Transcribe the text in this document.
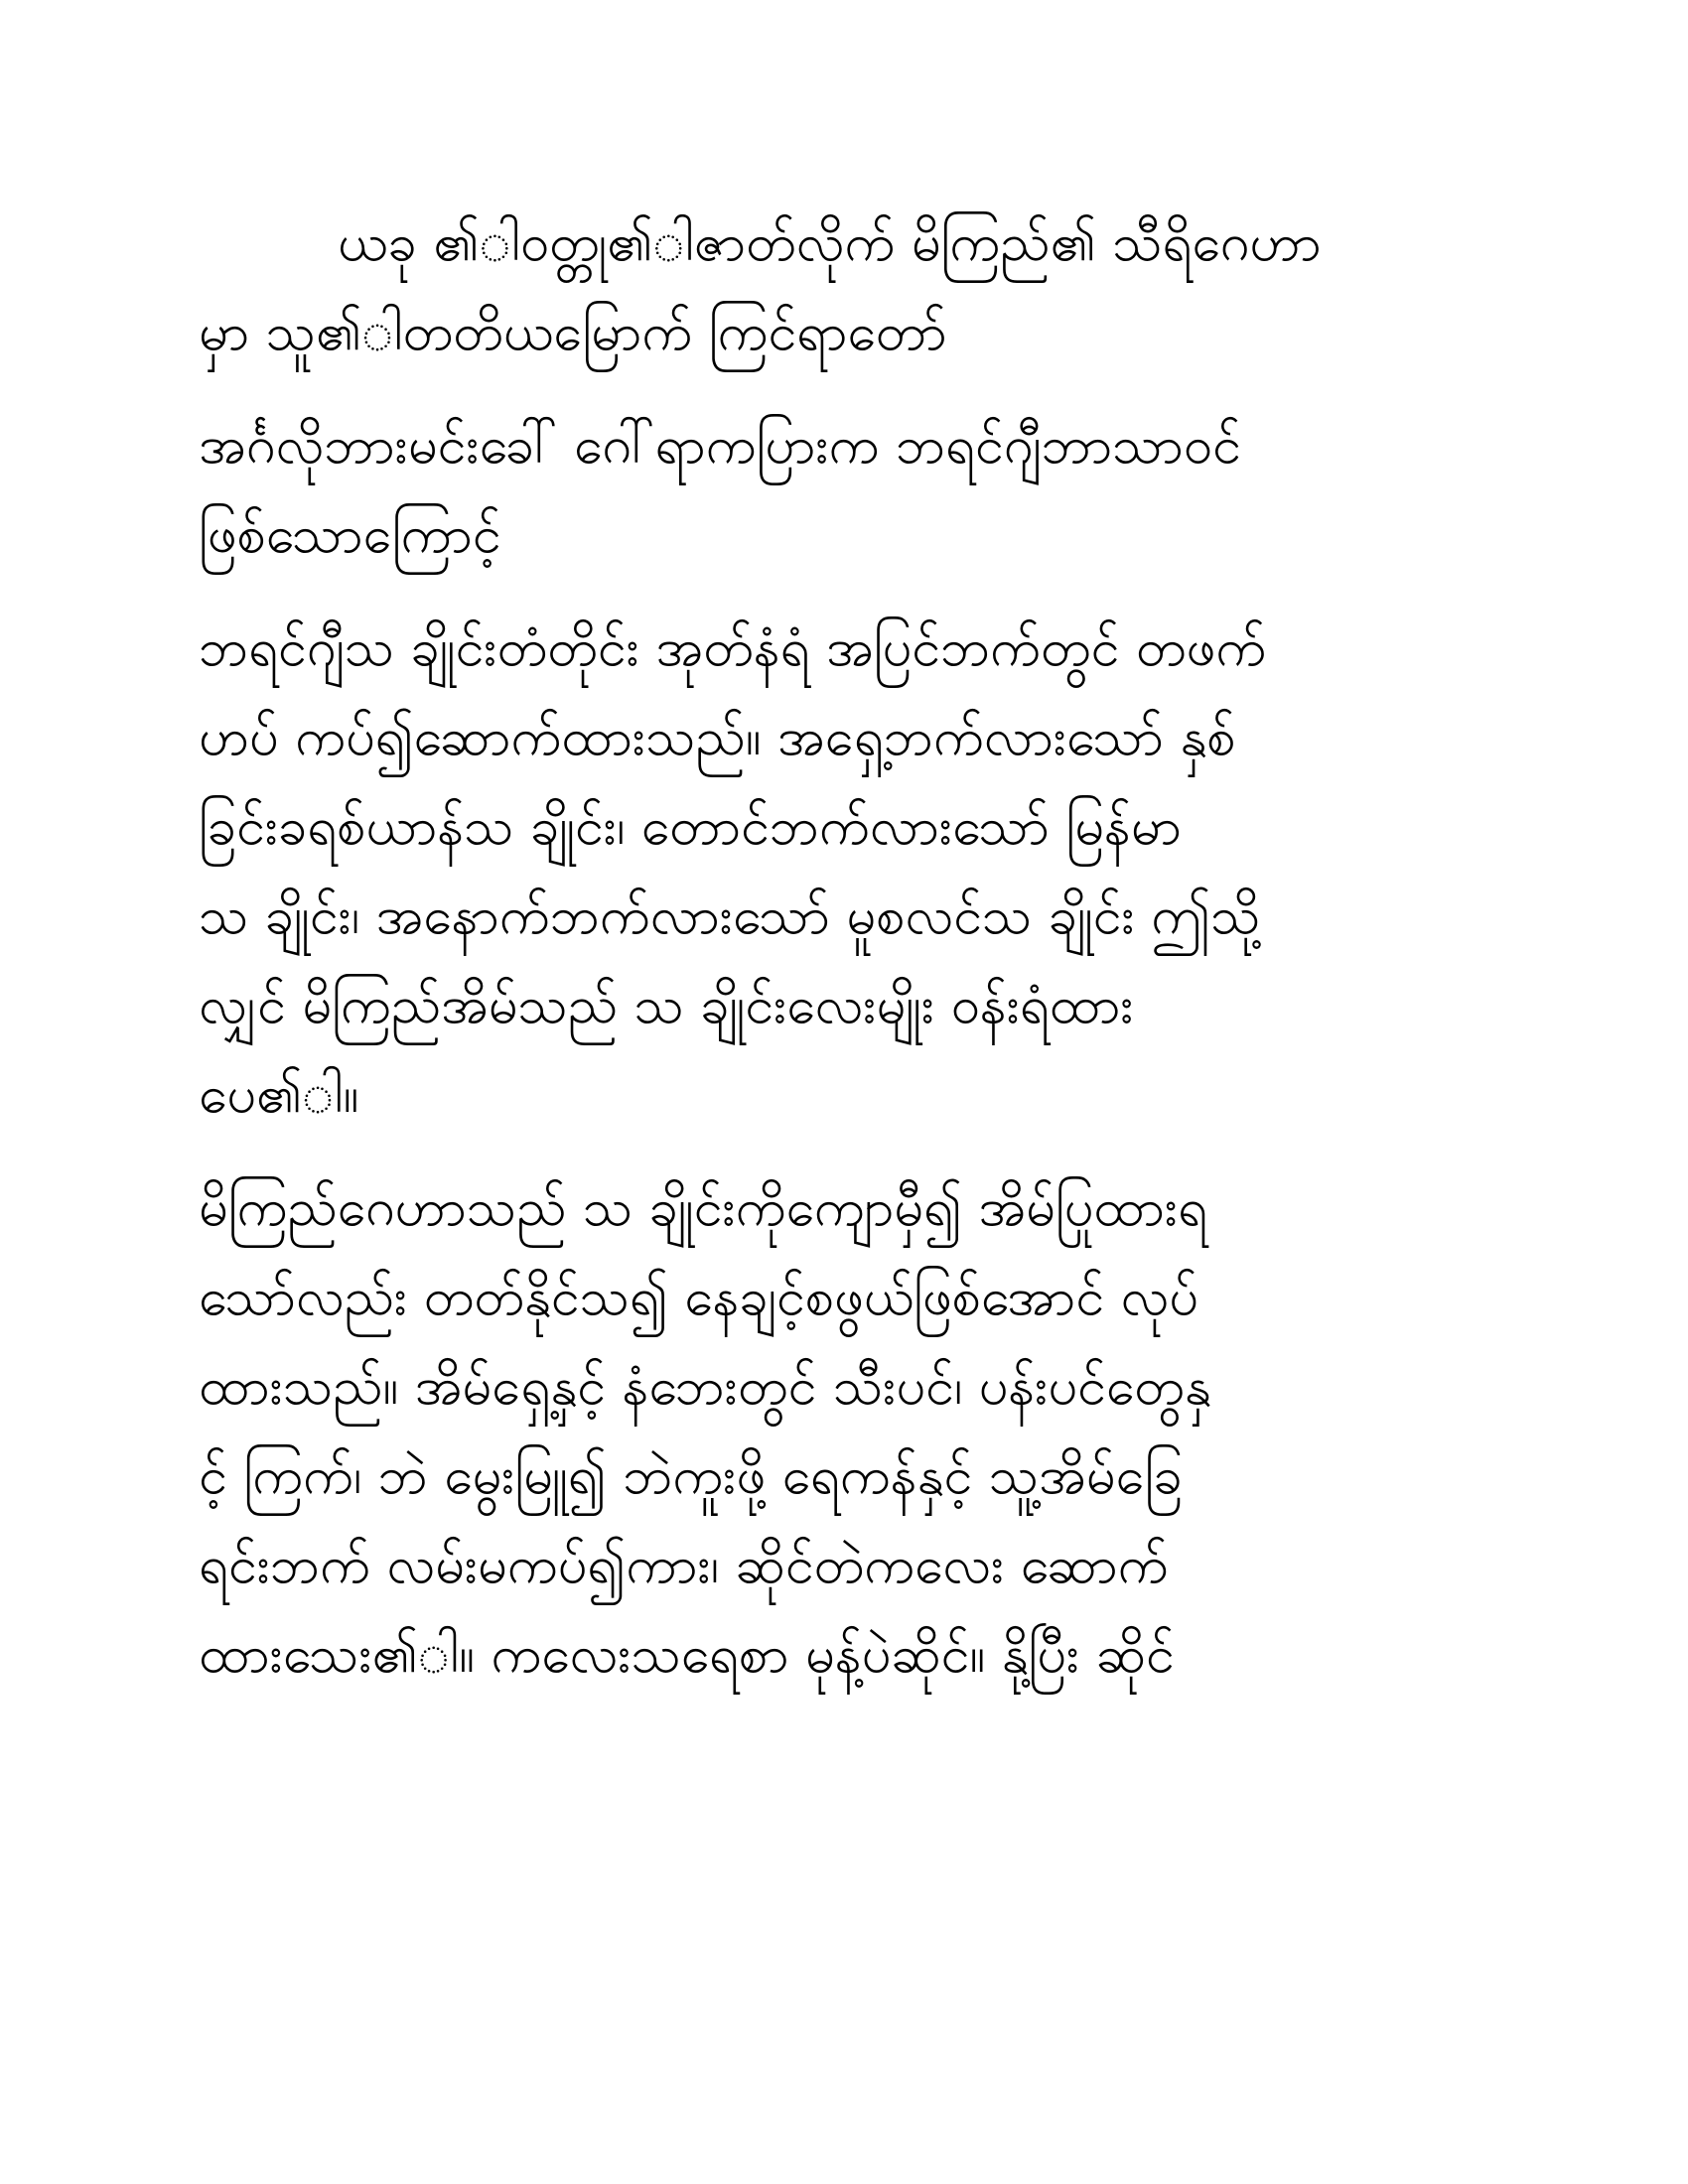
ယခု ၏ါဝတ္တု၏ါဇာတ်လိုက် မိကြည်၏ သီရိဂေဟာ
မှာ သူ၏ါတတိယမြောက် ကြင်ရာတော်

အင်္ဂလိုဘားမင်းခေါ် ဂေါ်ရာကပြားက ဘရင်ဂျီဘာသာဝင်
ဖြစ်သောကြောင့်

ဘရင်ဂျီသ ချိုင်းတံတိုင်း အုတ်နံရံ အပြင်ဘက်တွင် တဖက်
ဟပ် ကပ်၍ဆောက်ထားသည်။ အရှေ့ဘက်လားသော် နှစ်
ခြင်းခရစ်ယာန်သ ချိုင်း၊ တောင်ဘက်လားသော် မြန်မာ
သ ချိုင်း၊ အနောက်ဘက်လားသော် မူစလင်သ ချိုင်း ဤသို့
လျှင် မိကြည်အိမ်သည် သ ချိုင်းလေးမျိုး ဝန်းရံထား
ပေ၏ါ။

မိကြည်ဂေဟာသည် သ ချိုင်းကိုကျောမှီ၍ အိမ်ပြုထားရ
သော်လည်း တတ်နိုင်သ၍ နေချင့်စဖွယ်ဖြစ်အောင် လုပ်
ထားသည်။ အိမ်ရှေ့နှင့် နံဘေးတွင် သီးပင်၊ ပန်းပင်တွေနှ
င့် ကြက်၊ ဘဲ မွေးမြူ၍ ဘဲကူးဖို့ ရေကန်နှင့် သူ့အိမ်ခြေ
ရင်းဘက် လမ်းမကပ်၍ကား၊ ဆိုင်တဲကလေး ဆောက်
ထားသေး၏ါ။ ကလေးသရေစာ မုန့်ပဲဆိုင်။ နို့ပြီး ဆိုင်
